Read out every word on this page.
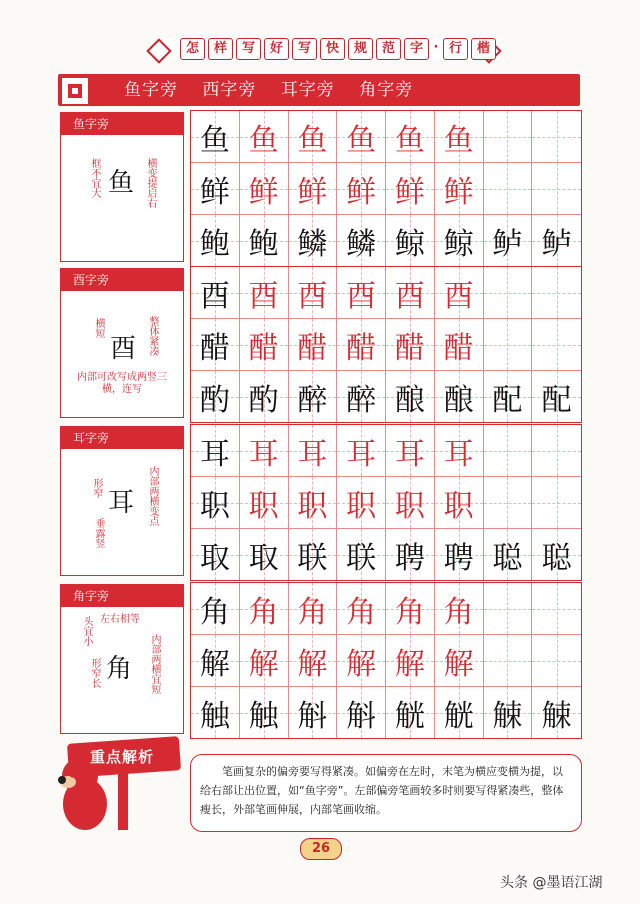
怎	样	写	好	写	快	规	范	字 · 行	楷
鱼字旁 西字旁 耳字旁 角字旁
鱼字旁
框不宜大 鱼 横变提启右
鱼 鱼 鱼 鱼 鱼 鱼
鲜 鲜 鲜 鲜 鲜 鲜
鲍 鲍 鳞 鳞 鲸 鲸 鲈 鲈
酉字旁
横短
酉 整体紧凑
内部可改写成两竖三横，连写
酉 酉 酉 酉 酉 酉
醋 醋 醋 醋 醋 醋
酌 酌 醉 醉 酿 酿 配 配
耳字旁
形窄 耳 内部两横变点
垂露竖
耳 耳 耳 耳 耳 耳
职 职 职 职 职 职
取 取 联 联 聘 聘 聪 聪
角字旁
左右相等
头宜小
角 内部两横宜短
形窄长
角 角 角 角 角 角
解 解 解 解 解 解
触 触 斛 斛 觥 觥 觫 觫
重点解析
笔画复杂的偏旁要写得紧凑。如偏旁在左时，末笔为横应变横为提，以给右部让出位置，如“鱼字旁”。左部偏旁笔画较多时则要写得紧凑些，整体瘦长，外部笔画伸展，内部笔画收缩。
26
头条 @墨语江湖
